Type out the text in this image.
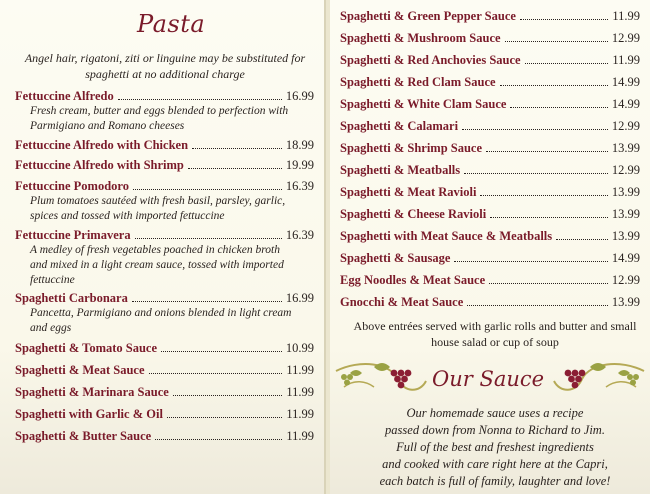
Pasta
Angel hair, rigatoni, ziti or linguine may be substituted for spaghetti at no additional charge
Fettuccine Alfredo	16.99
Fresh cream, butter and eggs blended to perfection with Parmigiano and Romano cheeses
Fettuccine Alfredo with Chicken	18.99
Fettuccine Alfredo with Shrimp	19.99
Fettuccine Pomodoro	16.39
Plum tomatoes sautéed with fresh basil, parsley, garlic, spices and tossed with imported fettuccine
Fettuccine Primavera	16.39
A medley of fresh vegetables poached in chicken broth and mixed in a light cream sauce, tossed with imported fettuccine
Spaghetti Carbonara	16.99
Pancetta, Parmigiano and onions blended in light cream and eggs
Spaghetti & Tomato Sauce	10.99
Spaghetti & Meat Sauce	11.99
Spaghetti & Marinara Sauce	11.99
Spaghetti with Garlic & Oil	11.99
Spaghetti & Butter Sauce	11.99
Spaghetti & Green Pepper Sauce	11.99
Spaghetti & Mushroom Sauce	12.99
Spaghetti & Red Anchovies Sauce	11.99
Spaghetti & Red Clam Sauce	14.99
Spaghetti & White Clam Sauce	14.99
Spaghetti & Calamari	12.99
Spaghetti & Shrimp Sauce	13.99
Spaghetti & Meatballs	12.99
Spaghetti & Meat Ravioli	13.99
Spaghetti & Cheese Ravioli	13.99
Spaghetti with Meat Sauce & Meatballs	13.99
Spaghetti & Sausage	14.99
Egg Noodles & Meat Sauce	12.99
Gnocchi & Meat Sauce	13.99
Above entrées served with garlic rolls and butter and small house salad or cup of soup
Our Sauce
Our homemade sauce uses a recipe
passed down from Nonna to Richard to Jim.
Full of the best and freshest ingredients
and cooked with care right here at the Capri,
each batch is full of family, laughter and love!
